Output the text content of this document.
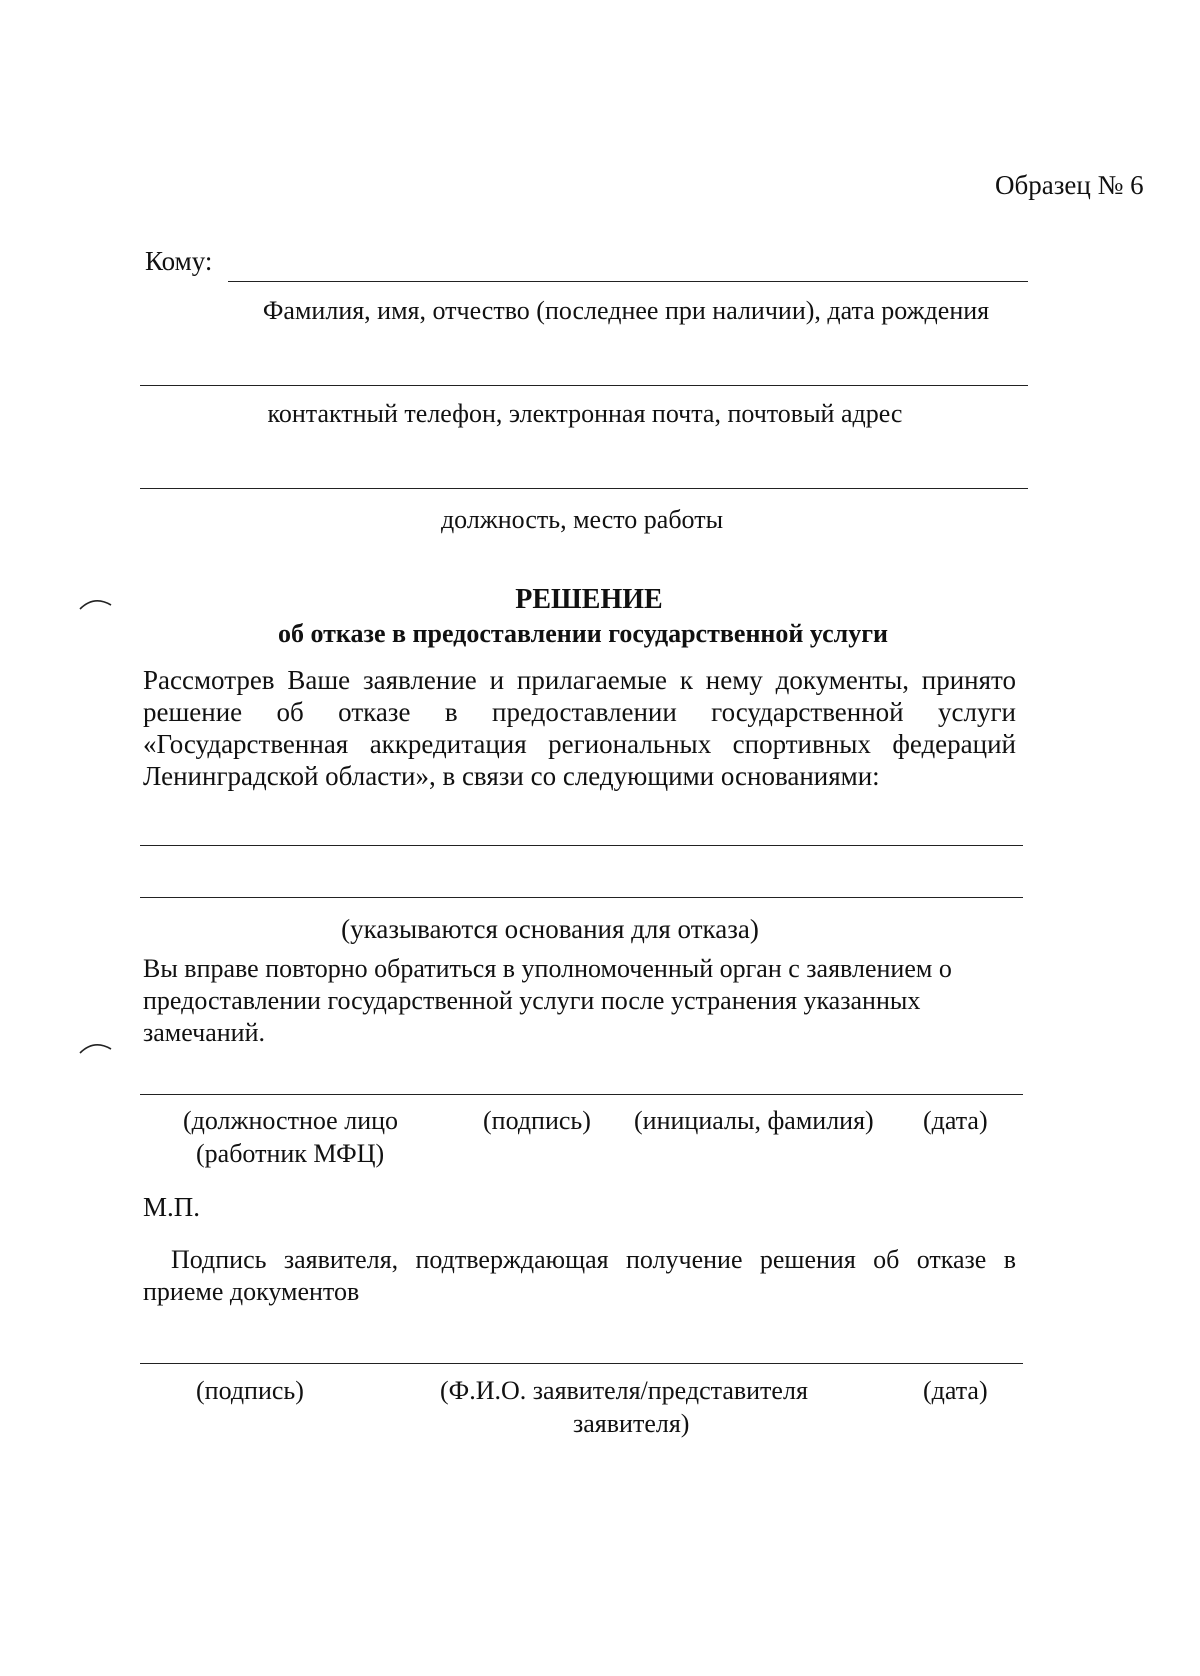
Образец № 6
Кому:
Фамилия, имя, отчество (последнее при наличии), дата рождения
контактный телефон, электронная почта, почтовый адрес
должность, место работы
РЕШЕНИЕ
об отказе в предоставлении государственной услуги
Рассмотрев Ваше заявление и прилагаемые к нему документы, принято решение об отказе в предоставлении государственной услуги «Государственная аккредитация региональных спортивных федераций Ленинградской области», в связи со следующими основаниями:
(указываются основания для отказа)
Вы вправе повторно обратиться в уполномоченный орган с заявлением о предоставлении государственной услуги после устранения указанных замечаний.
(должностное лицо
(работник МФЦ)
(подпись) (инициалы, фамилия) (дата)
М.П.
Подпись заявителя, подтверждающая получение решения об отказе в приеме документов
(подпись)	(Ф.И.О. заявителя/представителя
заявителя)
(дата)
